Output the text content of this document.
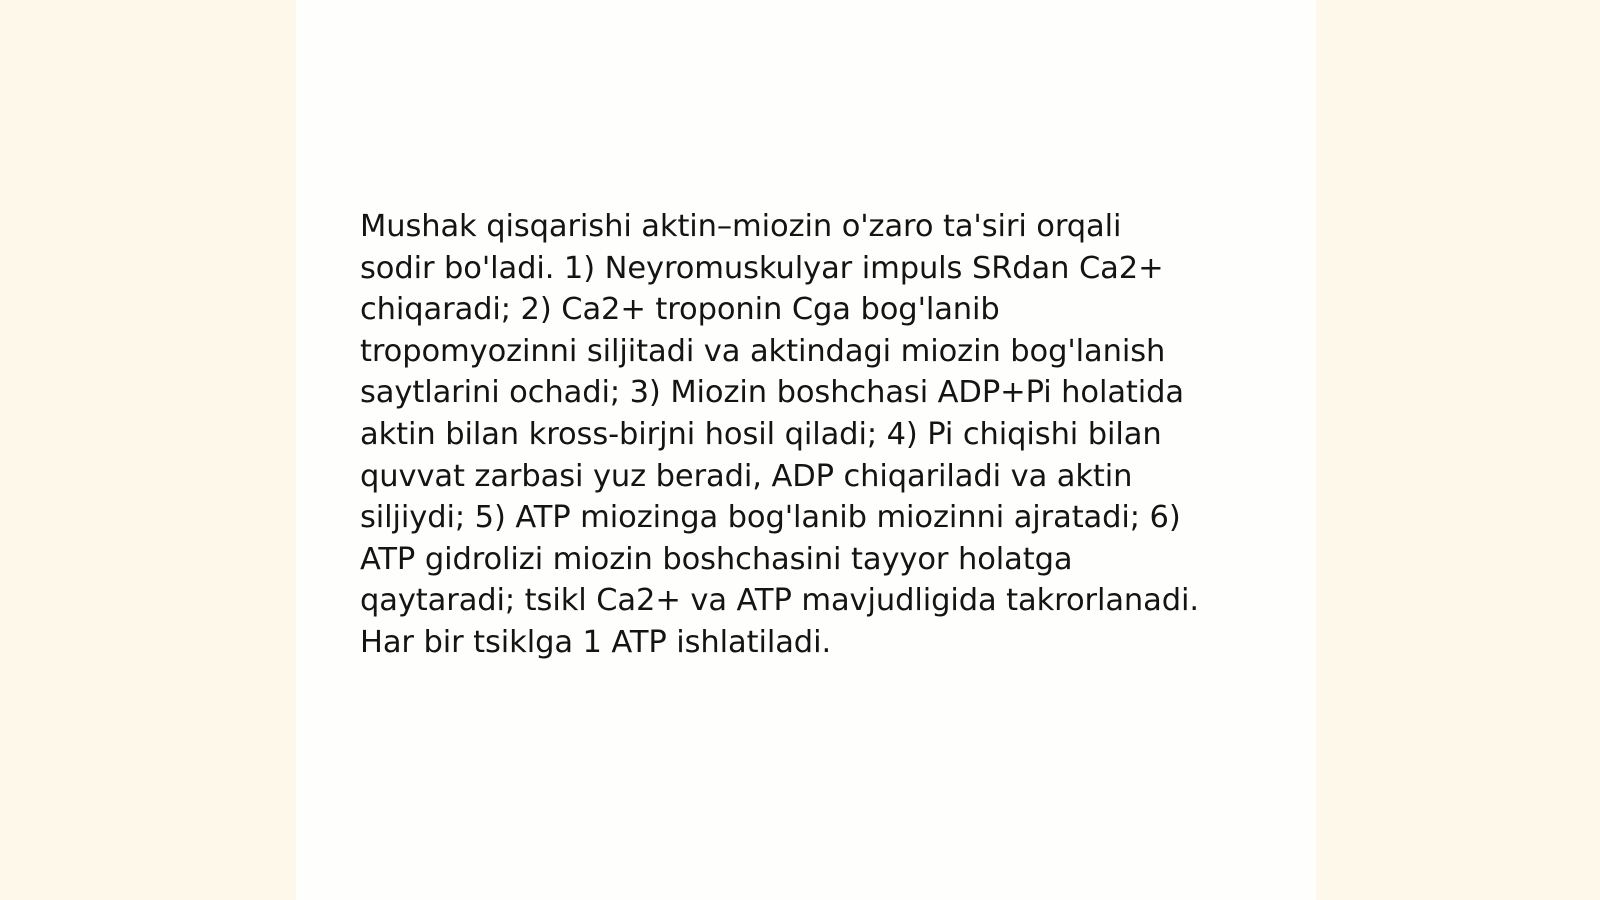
Mushak qisqarishi aktin–miozin o'zaro ta'siri orqali
sodir bo'ladi. 1) Neyromuskulyar impuls SRdan Ca2+
chiqaradi; 2) Ca2+ troponin Cga bog'lanib
tropomyozinni siljitadi va aktindagi miozin bog'lanish
saytlarini ochadi; 3) Miozin boshchasi ADP+Pi holatida
aktin bilan kross-birjni hosil qiladi; 4) Pi chiqishi bilan
quvvat zarbasi yuz beradi, ADP chiqariladi va aktin
siljiydi; 5) ATP miozinga bog'lanib miozinni ajratadi; 6)
ATP gidrolizi miozin boshchasini tayyor holatga
qaytaradi; tsikl Ca2+ va ATP mavjudligida takrorlanadi.
Har bir tsiklga 1 ATP ishlatiladi.
